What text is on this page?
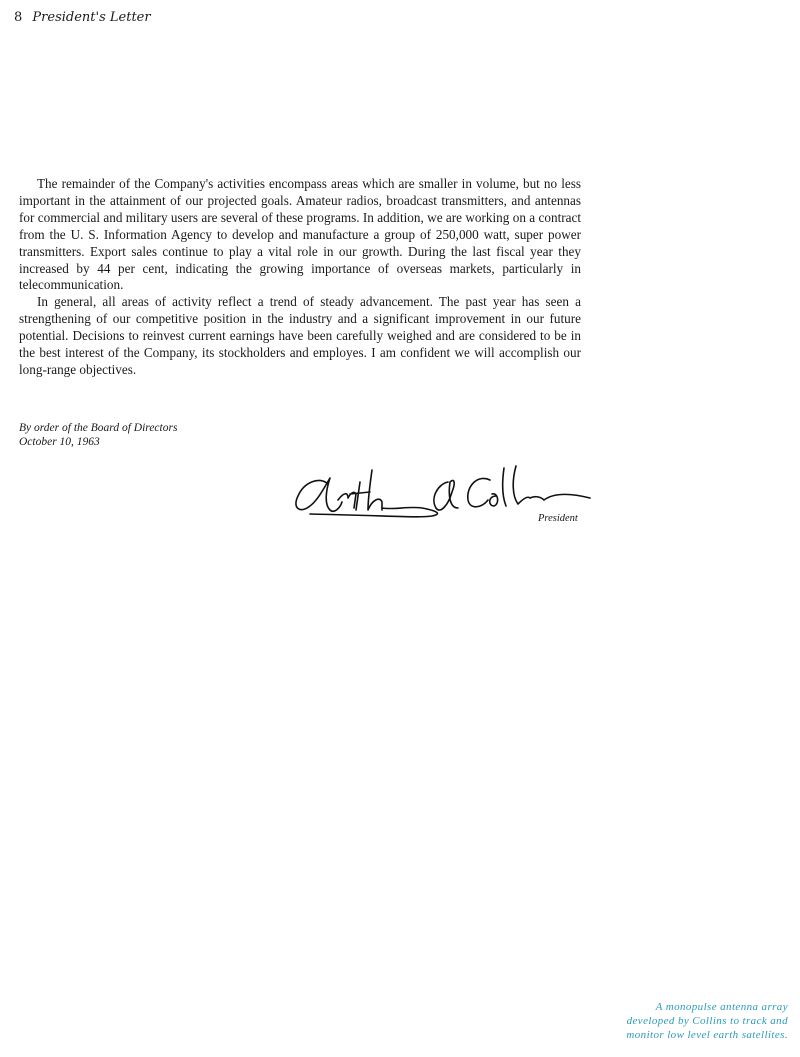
8 President's Letter

The remainder of the Company's activities encompass areas which are smaller in volume, but no less important in the attainment of our projected goals. Amateur radios, broadcast transmitters, and antennas for commercial and military users are several of these programs. In addition, we are working on a contract from the U. S. Information Agency to develop and manufacture a group of 250,000 watt, super power transmitters. Export sales continue to play a vital role in our growth. During the last fiscal year they increased by 44 per cent, indicating the growing importance of overseas markets, particularly in telecommunication.

In general, all areas of activity reflect a trend of steady advancement. The past year has seen a strengthening of our competitive position in the industry and a significant improvement in our future potential. Decisions to reinvest current earnings have been carefully weighed and are considered to be in the best interest of the Company, its stockholders and employes. I am confident we will accomplish our long-range objectives.

By order of the Board of Directors
October 10, 1963
President
A monopulse antenna array
developed by Collins to track and
monitor low level earth satellites.
